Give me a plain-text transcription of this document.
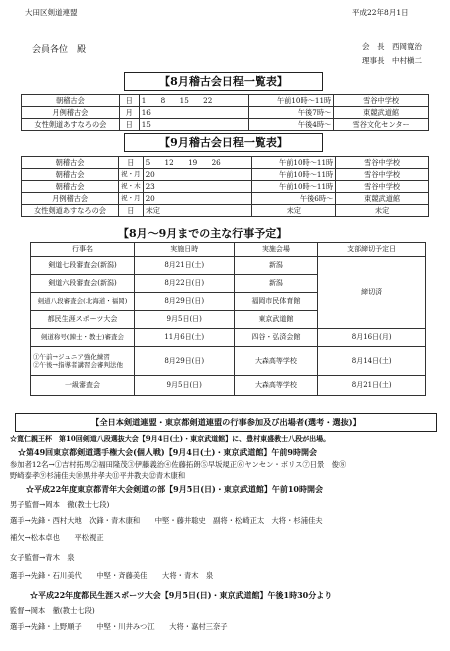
大田区剣道連盟	平成22年8月1日
会員各位　殿	会　長　西岡寛治
理事長　中村槇二
【8月稽古会日程一覧表】
朝稽古会	日	1　　8　　15　　22	午前10時〜11時	雪谷中学校
月例稽古会	月	16	午後7時〜	東競武道館
女性剣道あすなろの会	日	15	午後4時〜	雪谷文化センター
【9月稽古会日程一覧表】
朝稽古会	日	5　　12　　19　　26	午前10時〜11時	雪谷中学校
朝稽古会	祝・月	20	午前10時〜11時	雪谷中学校
朝稽古会	祝・木	23	午前10時〜11時	雪谷中学校
月例稽古会	祝・月	20	午後6時〜	東競武道館
女性剣道あすなろの会	日	未定	未定	未定
【8月〜9月までの主な行事予定】
行事名	実施日時	実施会場	支部締切予定日
剣道七段審査会(新潟)	8月21日(土)	新潟	締切済
剣道六段審査会(新潟)	8月22日(日)	新潟	
剣道八段審査会(北海道・福岡)	8月29日(日)	福岡市民体育館	
都民生涯スポーツ大会	9月5日(日)	東京武道館	
剣道称号(錬士・教士)審査会	11月6日(土)	四谷・弘済会館	8月16日(月)
①午前→ジュニア強化練習
②午後→指導者講習会審判法他	8月29日(日)	大森高等学校	8月14日(土)
一級審査会	9月5日(日)	大森高等学校	8月21日(土)
【全日本剣道連盟・東京都剣道連盟の行事参加及び出場者(選考・選抜)】
☆寛仁親王杯　第10回剣道八段選抜大会【9月4日(土)・東京武道館】に、豊村東盛教士八段が出場。
☆第49回東京都剣道選手権大会(個人戦)【9月4日(土)・東京武道館】午前9時開会
参加者12名→①吉村拓馬②福田隆茂③伊藤義治④佐藤拓朗⑤早坂規正⑥ヤンセン・ボリス⑦日景　俊⑧
野崎泰孝⑨杉浦佳夫⑩黒井孝夫⑪平井教夫⑫青木康和
☆平成22年度東京都青年大会剣道の部【9月5日(日)・東京武道館】午前10時開会
男子監督→岡本　徹(教士七段)
選手→先鋒・西村大地　次鋒・青木康和　　中堅・藤井聡史　副将・松崎正太　大将・杉浦佳夫
補欠→松本卓也　　平松視正
女子監督→青木　泉
選手→先鋒・石川美代　　中堅・斉藤美佳　　大将・青木　泉
☆平成22年度都民生涯スポーツ大会【9月5日(日)・東京武道館】午後1時30分より
監督→岡本　徹(教士七段)
選手→先鋒・上野順子　　中堅・川井みつ江　　大将・嘉村三奈子
